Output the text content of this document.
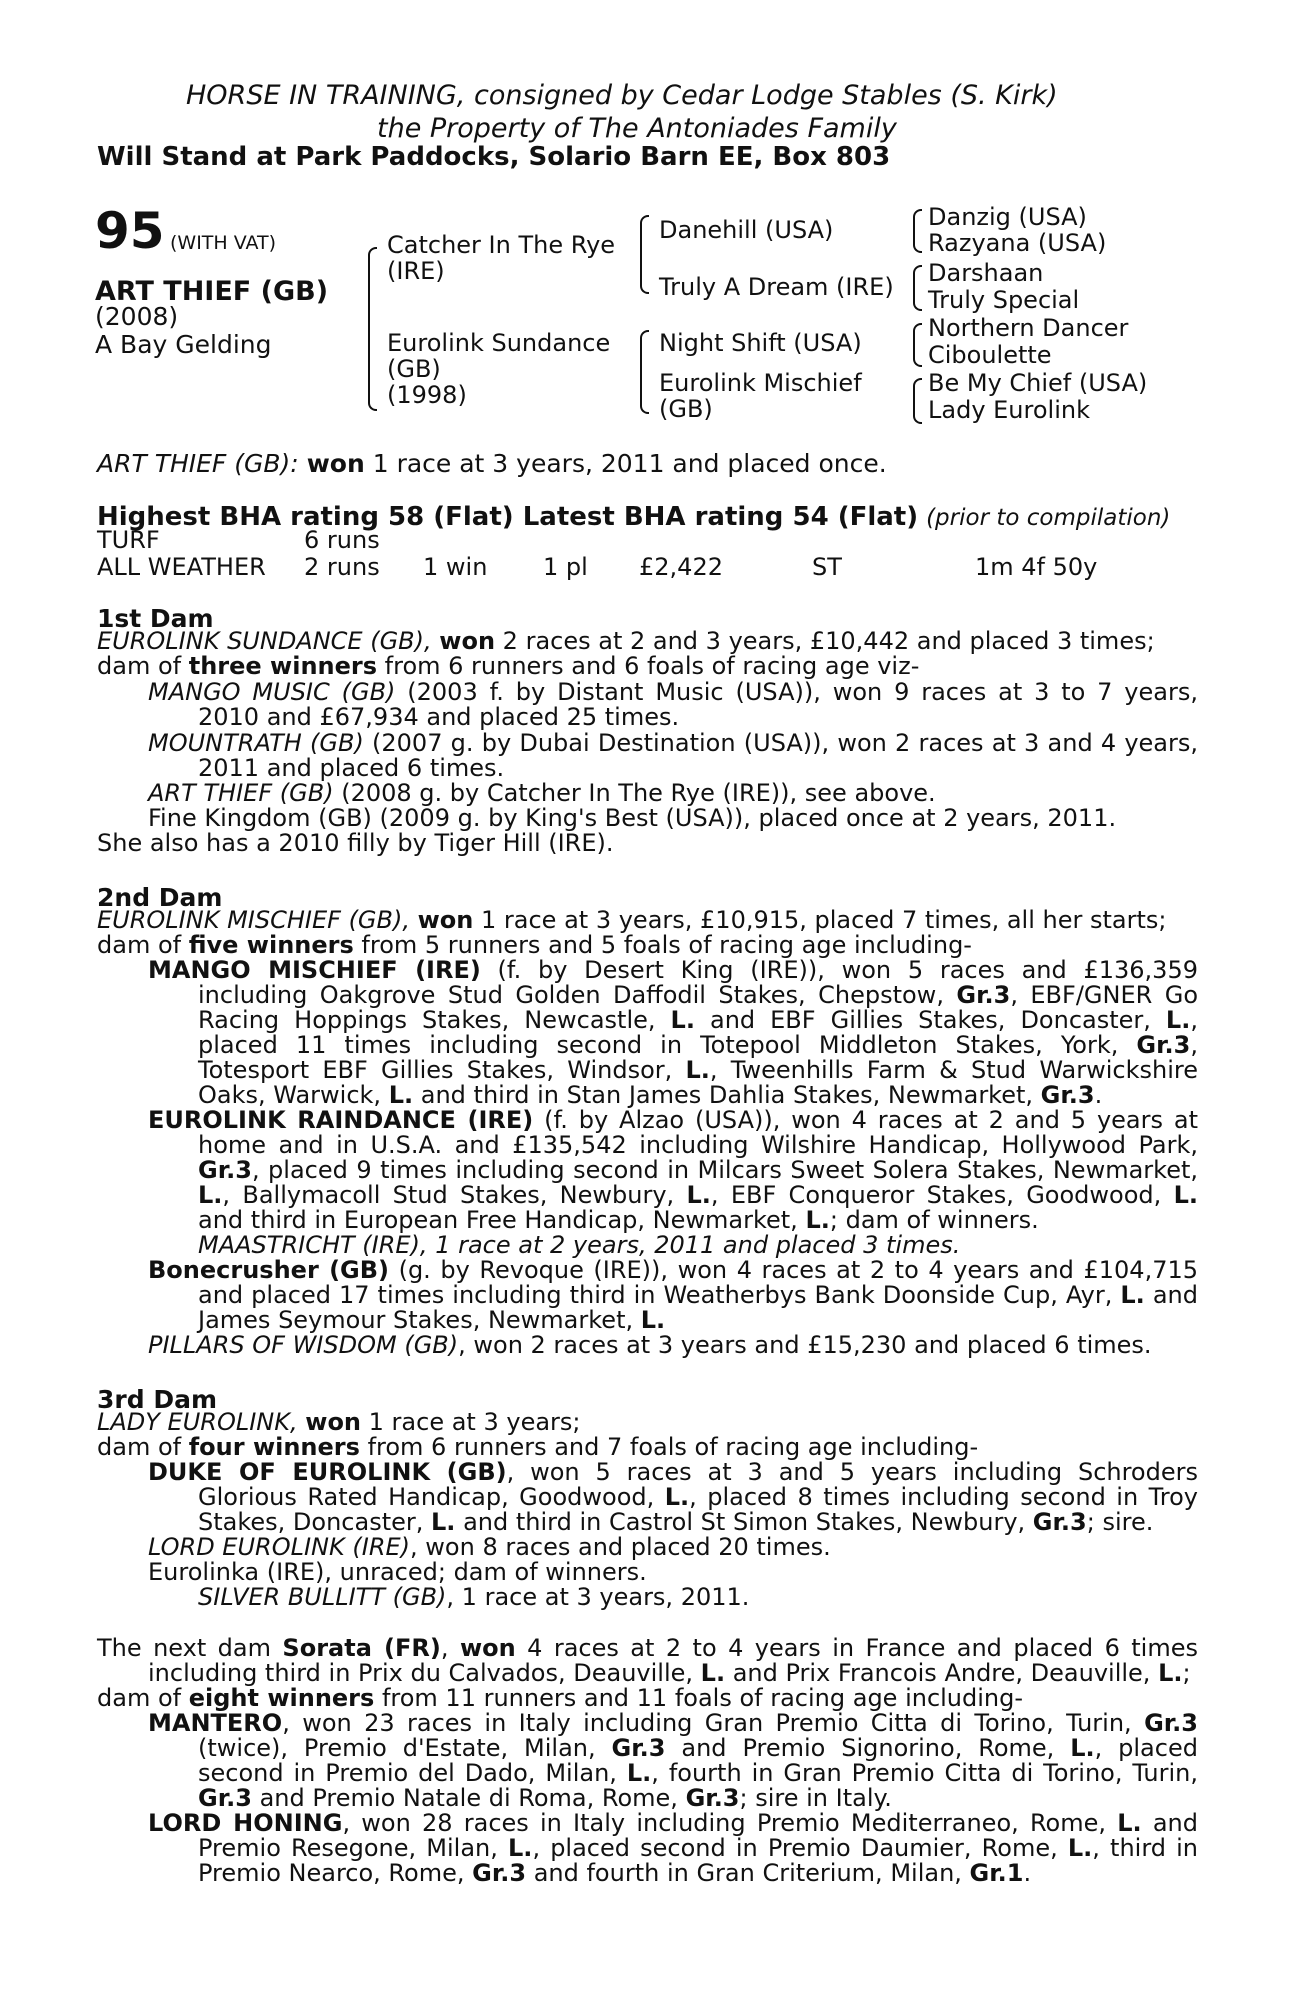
HORSE IN TRAINING, consigned by Cedar Lodge Stables (S. Kirk)
the Property of The Antoniades Family
Will Stand at Park Paddocks, Solario Barn EE, Box 803
95 (WITH VAT)
ART THIEF (GB)
(2008)
A Bay Gelding
Catcher In The Rye
(IRE)
Eurolink Sundance
(GB)
(1998)
Danehill (USA)
Truly A Dream (IRE)
Night Shift (USA)
Eurolink Mischief
(GB)
Danzig (USA)
Razyana (USA)
Darshaan
Truly Special
Northern Dancer
Ciboulette
Be My Chief (USA)
Lady Eurolink
ART THIEF (GB): won 1 race at 3 years, 2011 and placed once.
Highest BHA rating 58 (Flat) Latest BHA rating 54 (Flat) (prior to compilation)
TURF	6 runs
ALL WEATHER 2 runs 1 win 1 pl £2,422	ST	1m 4f 50y
1st Dam
EUROLINK SUNDANCE (GB), won 2 races at 2 and 3 years, £10,442 and placed 3 times;
dam of three winners from 6 runners and 6 foals of racing age viz-
MANGO MUSIC (GB) (2003 f. by Distant Music (USA)), won 9 races at 3 to 7 years,
2010 and £67,934 and placed 25 times.
MOUNTRATH (GB) (2007 g. by Dubai Destination (USA)), won 2 races at 3 and 4 years,
2011 and placed 6 times.
ART THIEF (GB) (2008 g. by Catcher In The Rye (IRE)), see above.
Fine Kingdom (GB) (2009 g. by King's Best (USA)), placed once at 2 years, 2011.
She also has a 2010 filly by Tiger Hill (IRE).
2nd Dam
EUROLINK MISCHIEF (GB), won 1 race at 3 years, £10,915, placed 7 times, all her starts;
dam of five winners from 5 runners and 5 foals of racing age including-
MANGO MISCHIEF (IRE) (f. by Desert King (IRE)), won 5 races and £136,359
including Oakgrove Stud Golden Daffodil Stakes, Chepstow, Gr.3, EBF/GNER Go
Racing Hoppings Stakes, Newcastle, L. and EBF Gillies Stakes, Doncaster, L.,
placed 11 times including second in Totepool Middleton Stakes, York, Gr.3,
Totesport EBF Gillies Stakes, Windsor, L., Tweenhills Farm & Stud Warwickshire
Oaks, Warwick, L. and third in Stan James Dahlia Stakes, Newmarket, Gr.3.
EUROLINK RAINDANCE (IRE) (f. by Alzao (USA)), won 4 races at 2 and 5 years at
home and in U.S.A. and £135,542 including Wilshire Handicap, Hollywood Park,
Gr.3, placed 9 times including second in Milcars Sweet Solera Stakes, Newmarket,
L., Ballymacoll Stud Stakes, Newbury, L., EBF Conqueror Stakes, Goodwood, L.
and third in European Free Handicap, Newmarket, L.; dam of winners.
MAASTRICHT (IRE), 1 race at 2 years, 2011 and placed 3 times.
Bonecrusher (GB) (g. by Revoque (IRE)), won 4 races at 2 to 4 years and £104,715
and placed 17 times including third in Weatherbys Bank Doonside Cup, Ayr, L. and
James Seymour Stakes, Newmarket, L.
PILLARS OF WISDOM (GB), won 2 races at 3 years and £15,230 and placed 6 times.
3rd Dam
LADY EUROLINK, won 1 race at 3 years;
dam of four winners from 6 runners and 7 foals of racing age including-
DUKE OF EUROLINK (GB), won 5 races at 3 and 5 years including Schroders
Glorious Rated Handicap, Goodwood, L., placed 8 times including second in Troy
Stakes, Doncaster, L. and third in Castrol St Simon Stakes, Newbury, Gr.3; sire.
LORD EUROLINK (IRE), won 8 races and placed 20 times.
Eurolinka (IRE), unraced; dam of winners.
SILVER BULLITT (GB), 1 race at 3 years, 2011.
The next dam Sorata (FR), won 4 races at 2 to 4 years in France and placed 6 times
including third in Prix du Calvados, Deauville, L. and Prix Francois Andre, Deauville, L.;
dam of eight winners from 11 runners and 11 foals of racing age including-
MANTERO, won 23 races in Italy including Gran Premio Citta di Torino, Turin, Gr.3
(twice), Premio d'Estate, Milan, Gr.3 and Premio Signorino, Rome, L., placed
second in Premio del Dado, Milan, L., fourth in Gran Premio Citta di Torino, Turin,
Gr.3 and Premio Natale di Roma, Rome, Gr.3; sire in Italy.
LORD HONING, won 28 races in Italy including Premio Mediterraneo, Rome, L. and
Premio Resegone, Milan, L., placed second in Premio Daumier, Rome, L., third in
Premio Nearco, Rome, Gr.3 and fourth in Gran Criterium, Milan, Gr.1.
